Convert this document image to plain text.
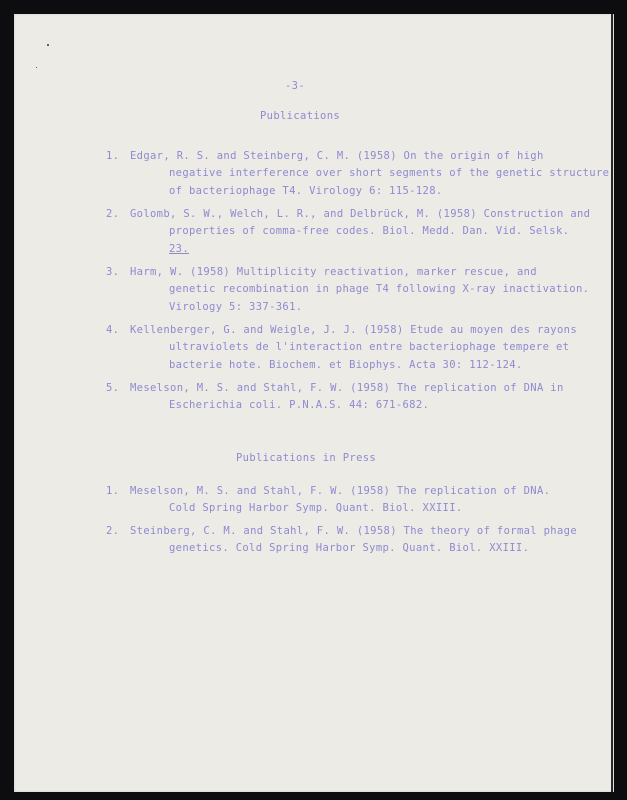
-3-
Publications
1. Edgar, R. S. and Steinberg, C. M. (1958) On the origin of high
negative interference over short segments of the genetic structure
of bacteriophage T4. Virology 6: 115-128.
2. Golomb, S. W., Welch, L. R., and Delbrück, M. (1958) Construction and
properties of comma-free codes. Biol. Medd. Dan. Vid. Selsk.
23.
3. Harm, W. (1958) Multiplicity reactivation, marker rescue, and
genetic recombination in phage T4 following X-ray inactivation.
Virology 5: 337-361.
4. Kellenberger, G. and Weigle, J. J. (1958) Etude au moyen des rayons
ultraviolets de l'interaction entre bacteriophage tempere et
bacterie hote. Biochem. et Biophys. Acta 30: 112-124.
5. Meselson, M. S. and Stahl, F. W. (1958) The replication of DNA in
Escherichia coli. P.N.A.S. 44: 671-682.
Publications in Press
1. Meselson, M. S. and Stahl, F. W. (1958) The replication of DNA.
Cold Spring Harbor Symp. Quant. Biol. XXIII.
2. Steinberg, C. M. and Stahl, F. W. (1958) The theory of formal phage
genetics. Cold Spring Harbor Symp. Quant. Biol. XXIII.
